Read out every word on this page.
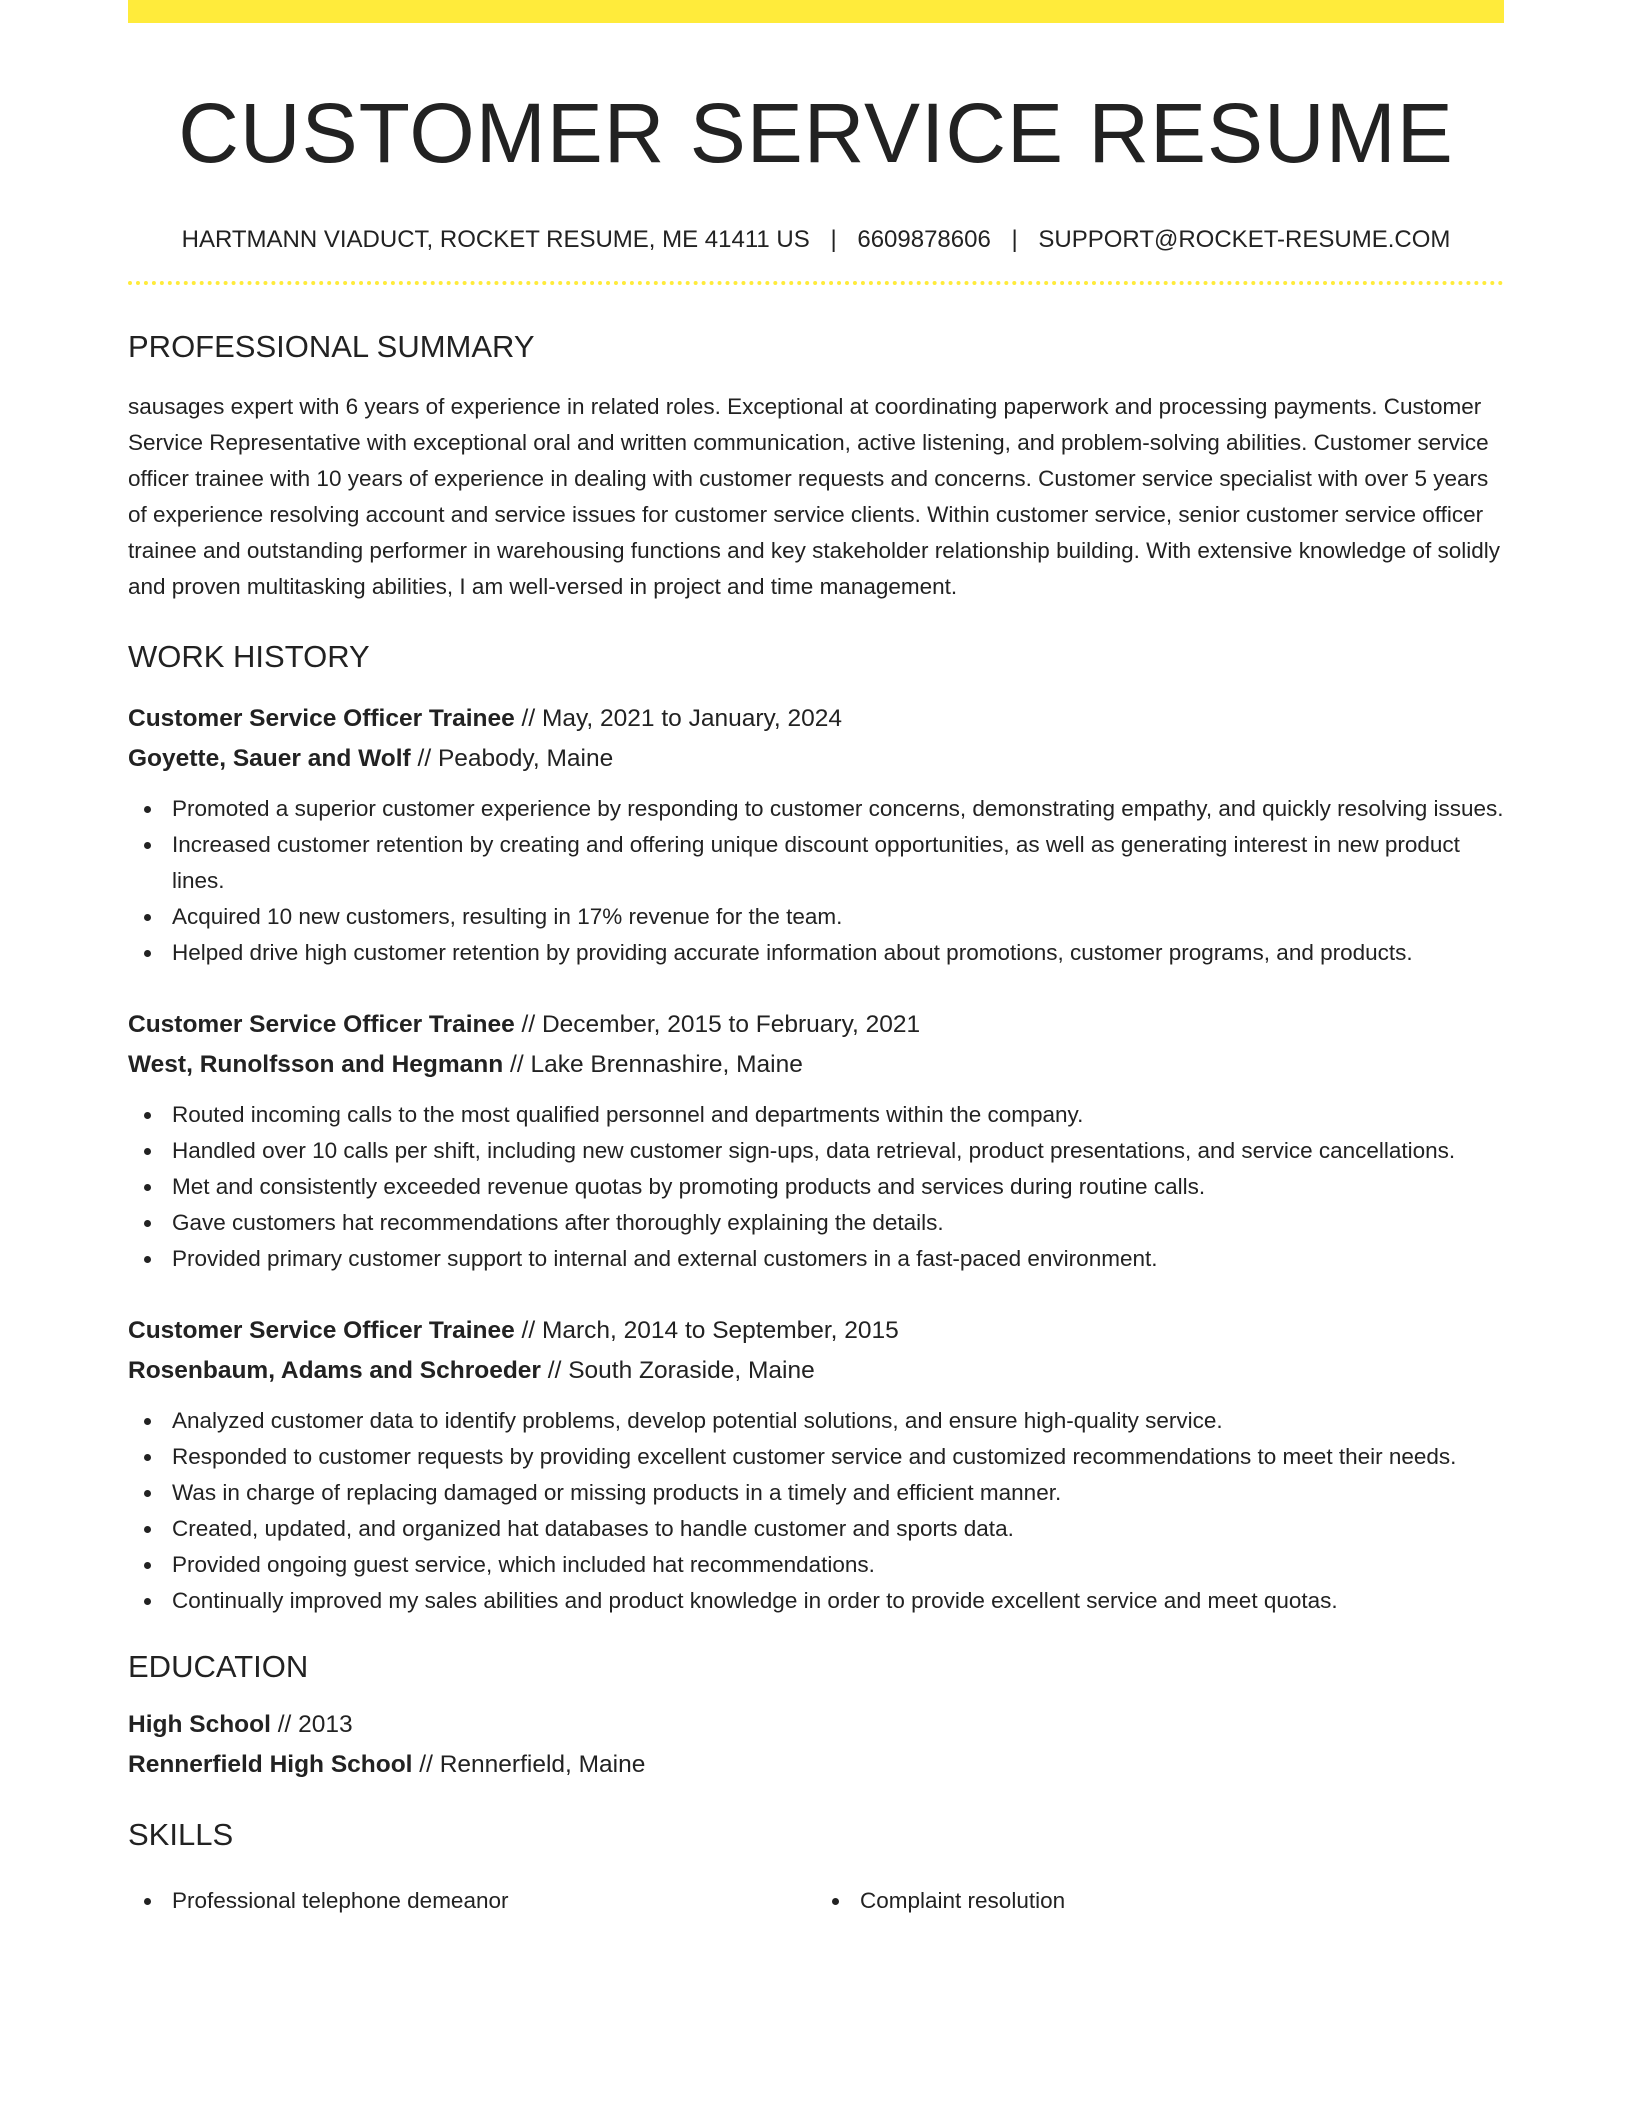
CUSTOMER SERVICE RESUME
HARTMANN VIADUCT, ROCKET RESUME, ME 41411 US | 6609878606 | SUPPORT@ROCKET-RESUME.COM
PROFESSIONAL SUMMARY

sausages expert with 6 years of experience in related roles. Exceptional at coordinating paperwork and processing payments. Customer Service Representative with exceptional oral and written communication, active listening, and problem-solving abilities. Customer service officer trainee with 10 years of experience in dealing with customer requests and concerns. Customer service specialist with over 5 years of experience resolving account and service issues for customer service clients. Within customer service, senior customer service officer trainee and outstanding performer in warehousing functions and key stakeholder relationship building. With extensive knowledge of solidly and proven multitasking abilities, I am well-versed in project and time management.

WORK HISTORY
Customer Service Officer Trainee // May, 2021 to January, 2024
Goyette, Sauer and Wolf // Peabody, Maine
Promoted a superior customer experience by responding to customer concerns, demonstrating empathy, and quickly resolving issues.
Increased customer retention by creating and offering unique discount opportunities, as well as generating interest in new product lines.
Acquired 10 new customers, resulting in 17% revenue for the team.
Helped drive high customer retention by providing accurate information about promotions, customer programs, and products.
Customer Service Officer Trainee // December, 2015 to February, 2021
West, Runolfsson and Hegmann // Lake Brennashire, Maine
Routed incoming calls to the most qualified personnel and departments within the company.
Handled over 10 calls per shift, including new customer sign-ups, data retrieval, product presentations, and service cancellations.
Met and consistently exceeded revenue quotas by promoting products and services during routine calls.
Gave customers hat recommendations after thoroughly explaining the details.
Provided primary customer support to internal and external customers in a fast-paced environment.
Customer Service Officer Trainee // March, 2014 to September, 2015
Rosenbaum, Adams and Schroeder // South Zoraside, Maine
Analyzed customer data to identify problems, develop potential solutions, and ensure high-quality service.
Responded to customer requests by providing excellent customer service and customized recommendations to meet their needs.
Was in charge of replacing damaged or missing products in a timely and efficient manner.
Created, updated, and organized hat databases to handle customer and sports data.
Provided ongoing guest service, which included hat recommendations.
Continually improved my sales abilities and product knowledge in order to provide excellent service and meet quotas.
EDUCATION
High School // 2013
Rennerfield High School // Rennerfield, Maine
SKILLS
Professional telephone demeanor	Complaint resolution
